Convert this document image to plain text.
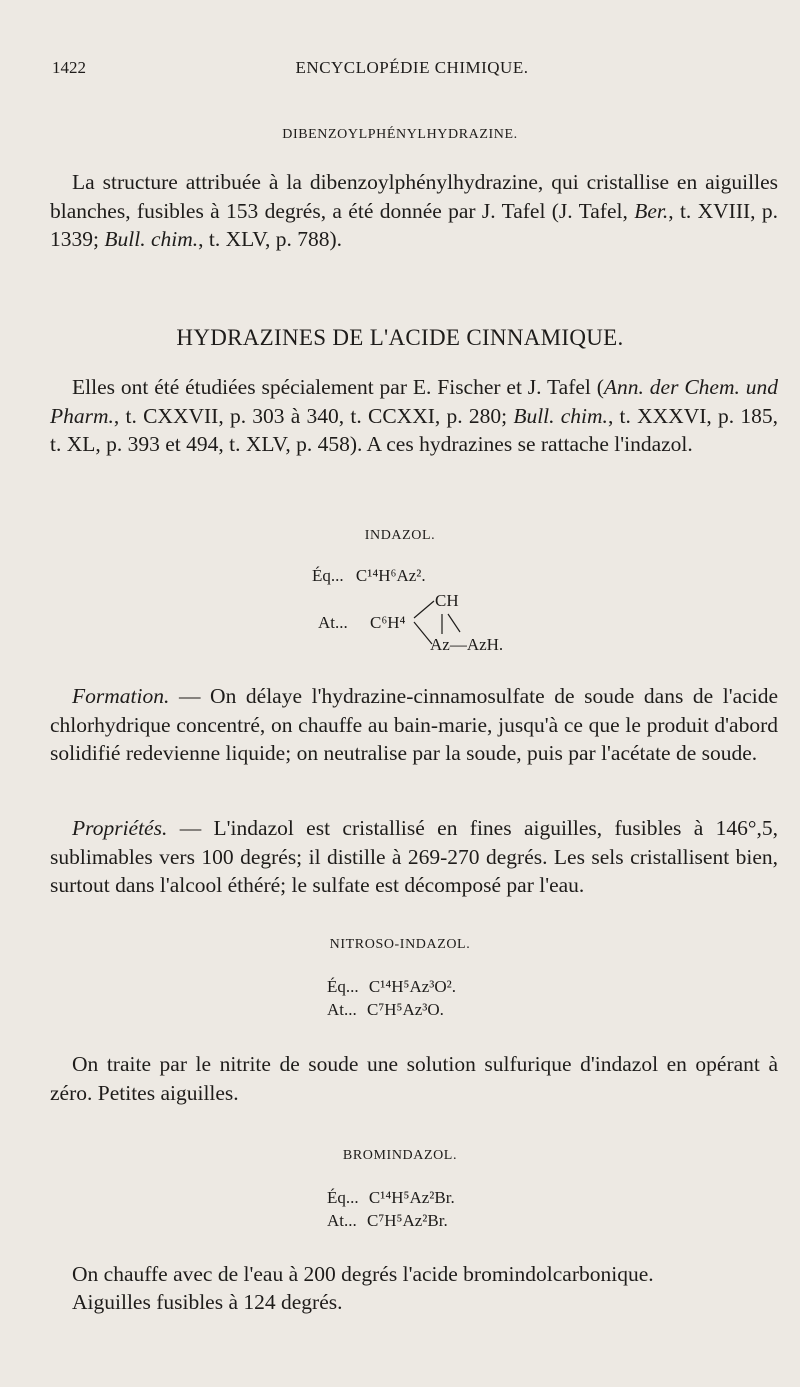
1422	ENCYCLOPÉDIE CHIMIQUE.
DIBENZOYLPHÉNYLHYDRAZINE.

La structure attribuée à la dibenzoylphénylhydrazine, qui cristallise en aiguilles blanches, fusibles à 153 degrés, a été donnée par J. Tafel (J. Tafel, Ber., t. XVIII, p. 1339; Bull. chim., t. XLV, p. 788).

HYDRAZINES DE L'ACIDE CINNAMIQUE.

Elles ont été étudiées spécialement par E. Fischer et J. Tafel (Ann. der Chem. und Pharm., t. CXXVII, p. 303 à 340, t. CCXXI, p. 280; Bull. chim., t. XXXVI, p. 185, t. XL, p. 393 et 494, t. XLV, p. 458). A ces hydrazines se rattache l'indazol.

INDAZOL.
Éq... C¹⁴H⁶Az².
At... C⁶H⁴
CH
Az—AzH.

Formation. — On délaye l'hydrazine-cinnamosulfate de soude dans de l'acide chlorhydrique concentré, on chauffe au bain-marie, jusqu'à ce que le produit d'abord solidifié redevienne liquide; on neutralise par la soude, puis par l'acétate de soude.

Propriétés. — L'indazol est cristallisé en fines aiguilles, fusibles à 146°,5, sublimables vers 100 degrés; il distille à 269-270 degrés. Les sels cristallisent bien, surtout dans l'alcool éthéré; le sulfate est décomposé par l'eau.

NITROSO-INDAZOL.
Éq... C¹⁴H⁵Az³O².
At... C⁷H⁵Az³O.

On traite par le nitrite de soude une solution sulfurique d'indazol en opérant à zéro. Petites aiguilles.

BROMINDAZOL.
Éq... C¹⁴H⁵Az²Br.
At... C⁷H⁵Az²Br.

On chauffe avec de l'eau à 200 degrés l'acide bromindolcarbonique.

Aiguilles fusibles à 124 degrés.
